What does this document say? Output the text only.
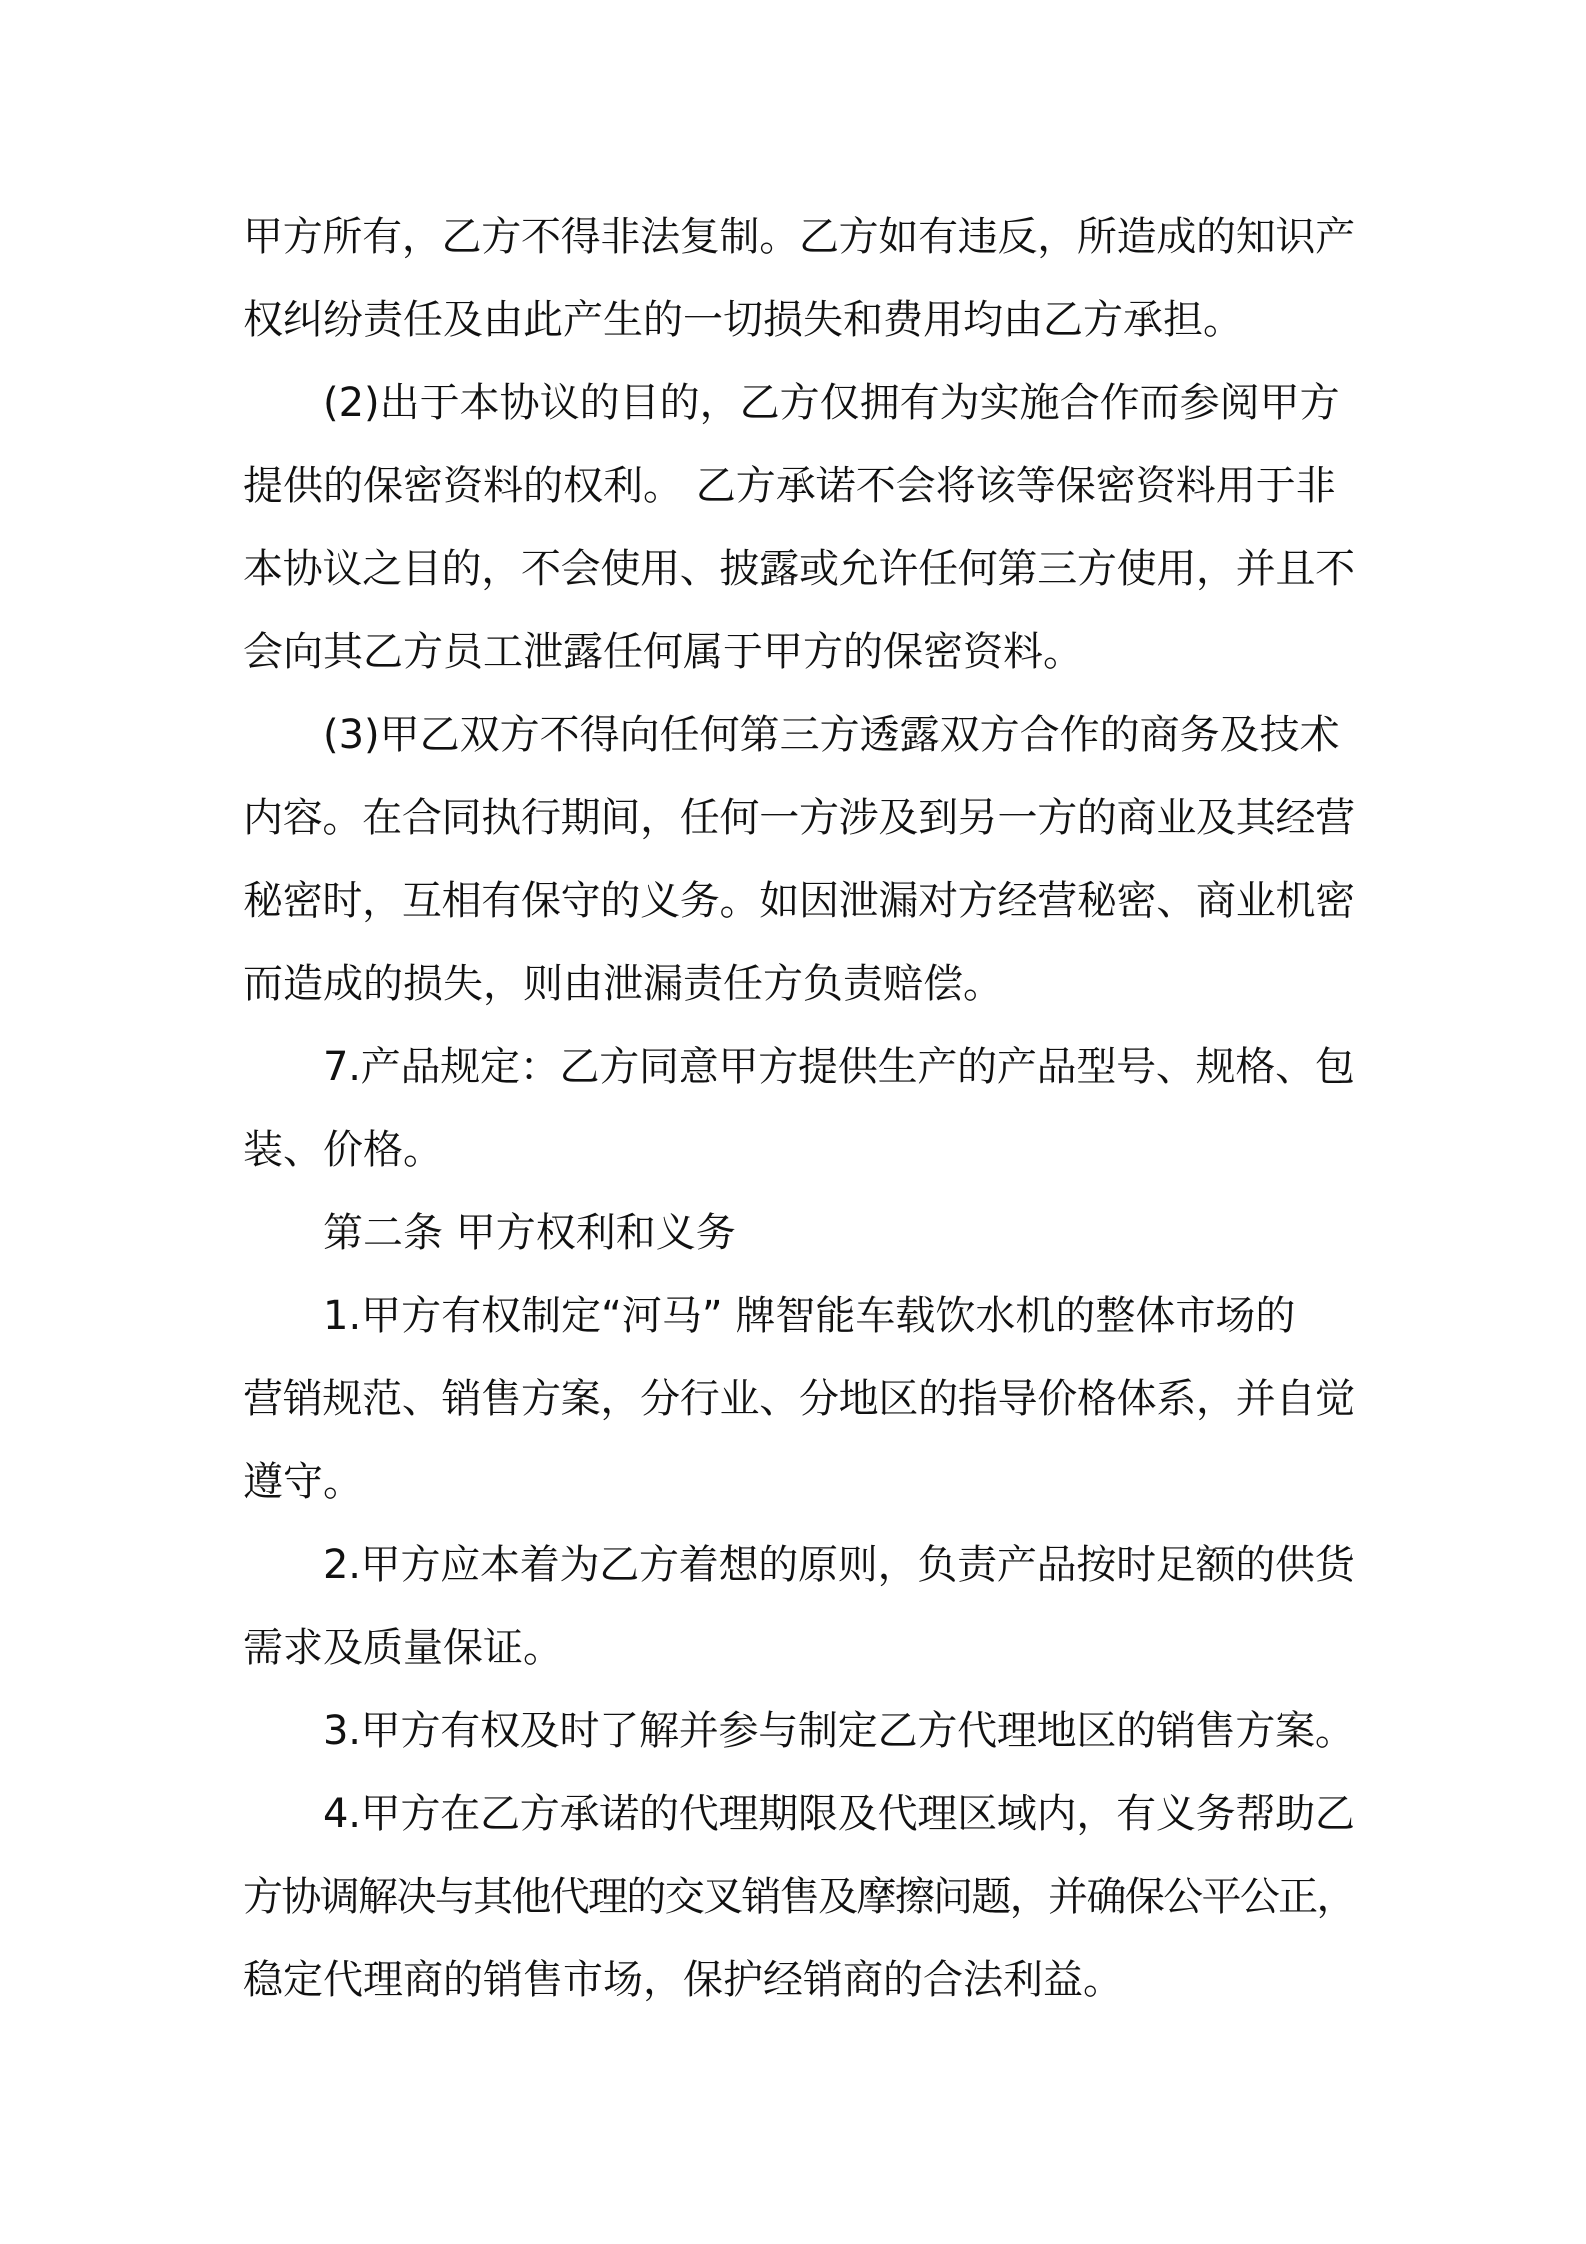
甲方所有，乙方不得非法复制。乙方如有违反，所造成的知识产
权纠纷责任及由此产生的一切损失和费用均由乙方承担。
(2)出于本协议的目的，乙方仅拥有为实施合作而参阅甲方
提供的保密资料的权利。 乙方承诺不会将该等保密资料用于非
本协议之目的，不会使用、披露或允许任何第三方使用，并且不
会向其乙方员工泄露任何属于甲方的保密资料。
(3)甲乙双方不得向任何第三方透露双方合作的商务及技术
内容。在合同执行期间，任何一方涉及到另一方的商业及其经营
秘密时，互相有保守的义务。如因泄漏对方经营秘密、商业机密
而造成的损失，则由泄漏责任方负责赔偿。
7.产品规定：乙方同意甲方提供生产的产品型号、规格、包
装、价格。
第二条 甲方权利和义务
1.甲方有权制定“河马” 牌智能车载饮水机的整体市场的
营销规范、销售方案，分行业、分地区的指导价格体系，并自觉
遵守。
2.甲方应本着为乙方着想的原则，负责产品按时足额的供货
需求及质量保证。
3.甲方有权及时了解并参与制定乙方代理地区的销售方案。
4.甲方在乙方承诺的代理期限及代理区域内，有义务帮助乙
方协调解决与其他代理的交叉销售及摩擦问题，并确保公平公正，
稳定代理商的销售市场，保护经销商的合法利益。
